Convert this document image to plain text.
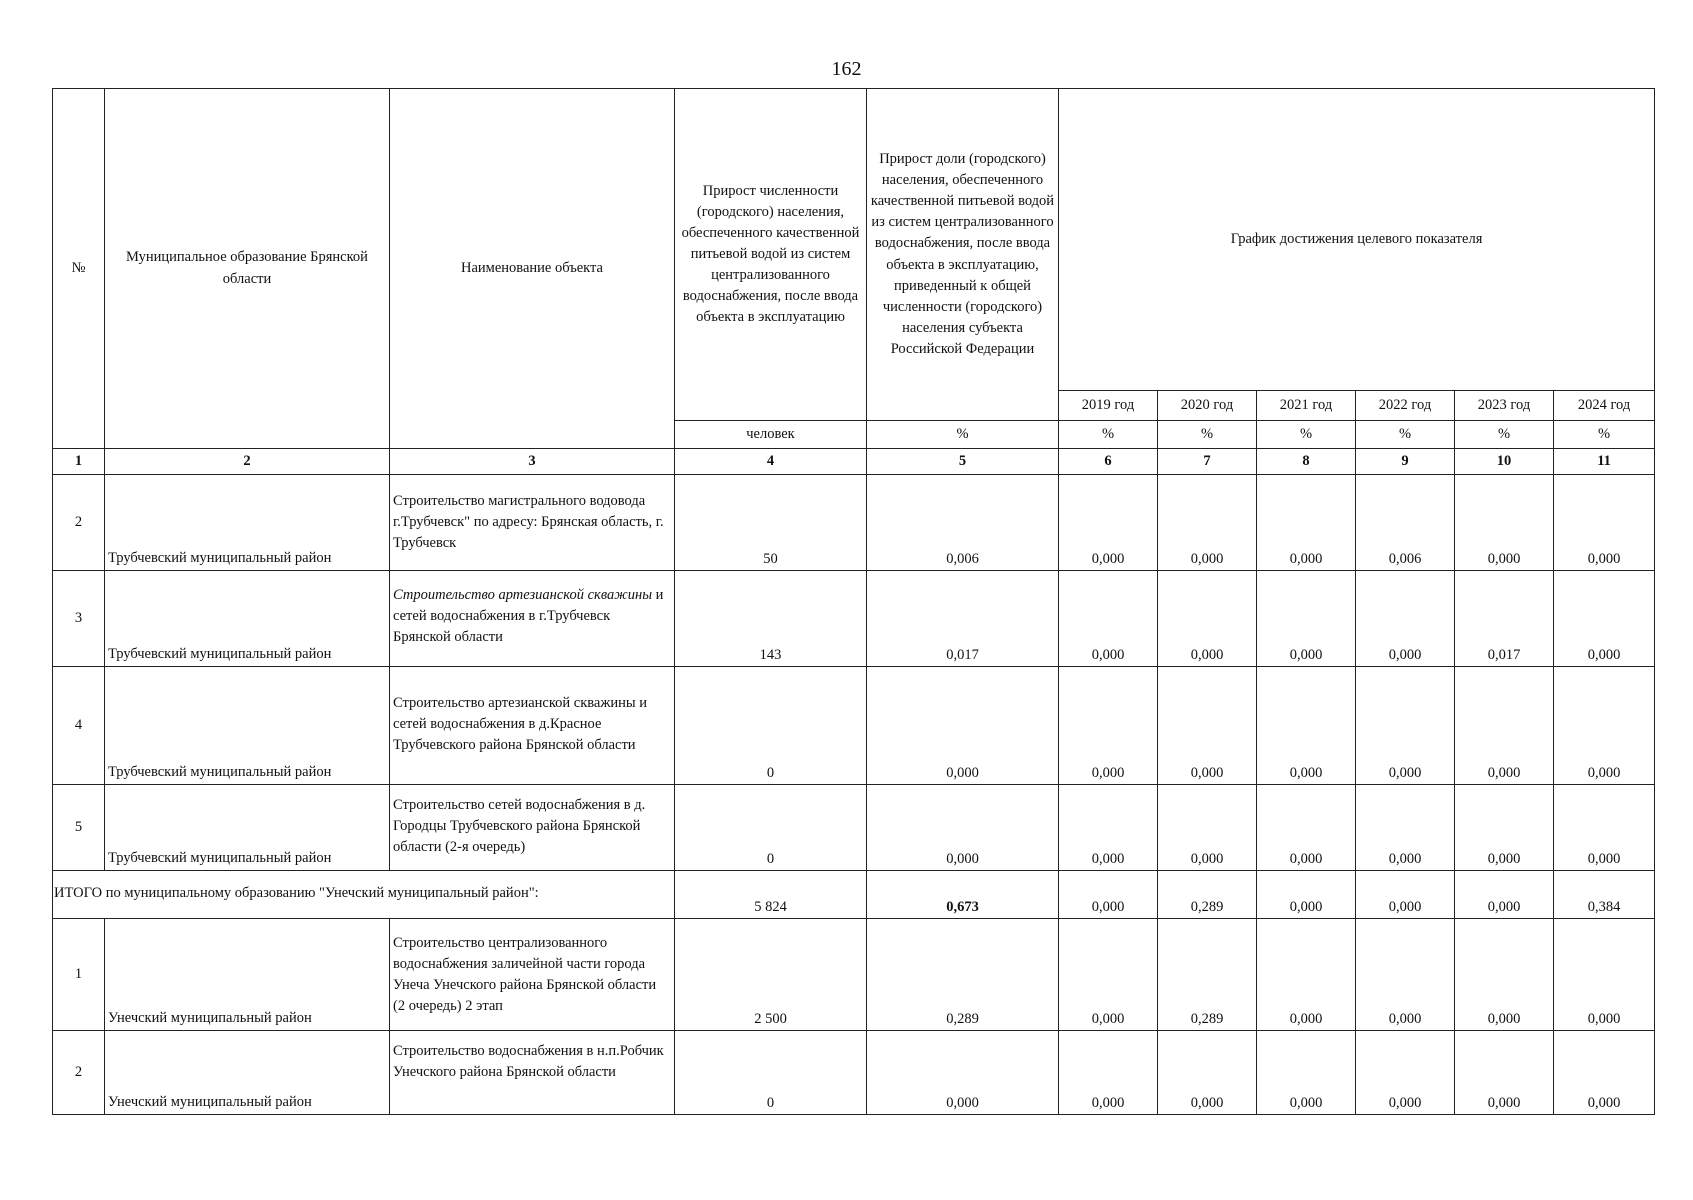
162
№	Муниципальное образование Брянской области	Наименование объекта	Прирост численности (городского) населения, обеспеченного качественной питьевой водой из систем централизованного водоснабжения, после ввода объекта в эксплуатацию	Прирост доли (городского) населения, обеспеченного качественной питьевой водой из систем централизованного водоснабжения, после ввода объекта в эксплуатацию, приведенный к общей численности (городского) населения субъекта Российской Федерации	График достижения целевого показателя					
					2019 год	2020 год	2021 год	2022 год	2023 год	2024 год
			человек	%	%	%	%	%	%	%
1	2	3	4	5	6	7	8	9	10	11
2	Трубчевский муниципальный район	Строительство магистрального водовода г.Трубчевск" по адресу: Брянская область, г. Трубчевск	50	0,006	0,000	0,000	0,000	0,006	0,000	0,000
3	Трубчевский муниципальный район	Строительство артезианской скважины и сетей водоснабжения в г.Трубчевск Брянской области	143	0,017	0,000	0,000	0,000	0,000	0,017	0,000
4	Трубчевский муниципальный район	Строительство артезианской скважины и сетей водоснабжения в д.Красное Трубчевского района Брянской области	0	0,000	0,000	0,000	0,000	0,000	0,000	0,000
5	Трубчевский муниципальный район	Строительство сетей водоснабжения в д. Городцы Трубчевского района Брянской области (2-я очередь)	0	0,000	0,000	0,000	0,000	0,000	0,000	0,000
ИТОГО по муниципальному образованию "Унечский муниципальный район":			5 824	0,673	0,000	0,289	0,000	0,000	0,000	0,384
1	Унечский муниципальный район	Строительство централизованного водоснабжения заличейной части города Унеча Унечского района Брянской области (2 очередь) 2 этап	2 500	0,289	0,000	0,289	0,000	0,000	0,000	0,000
2	Унечский муниципальный район	Строительство водоснабжения в н.п.Робчик Унечского района Брянской области	0	0,000	0,000	0,000	0,000	0,000	0,000	0,000
